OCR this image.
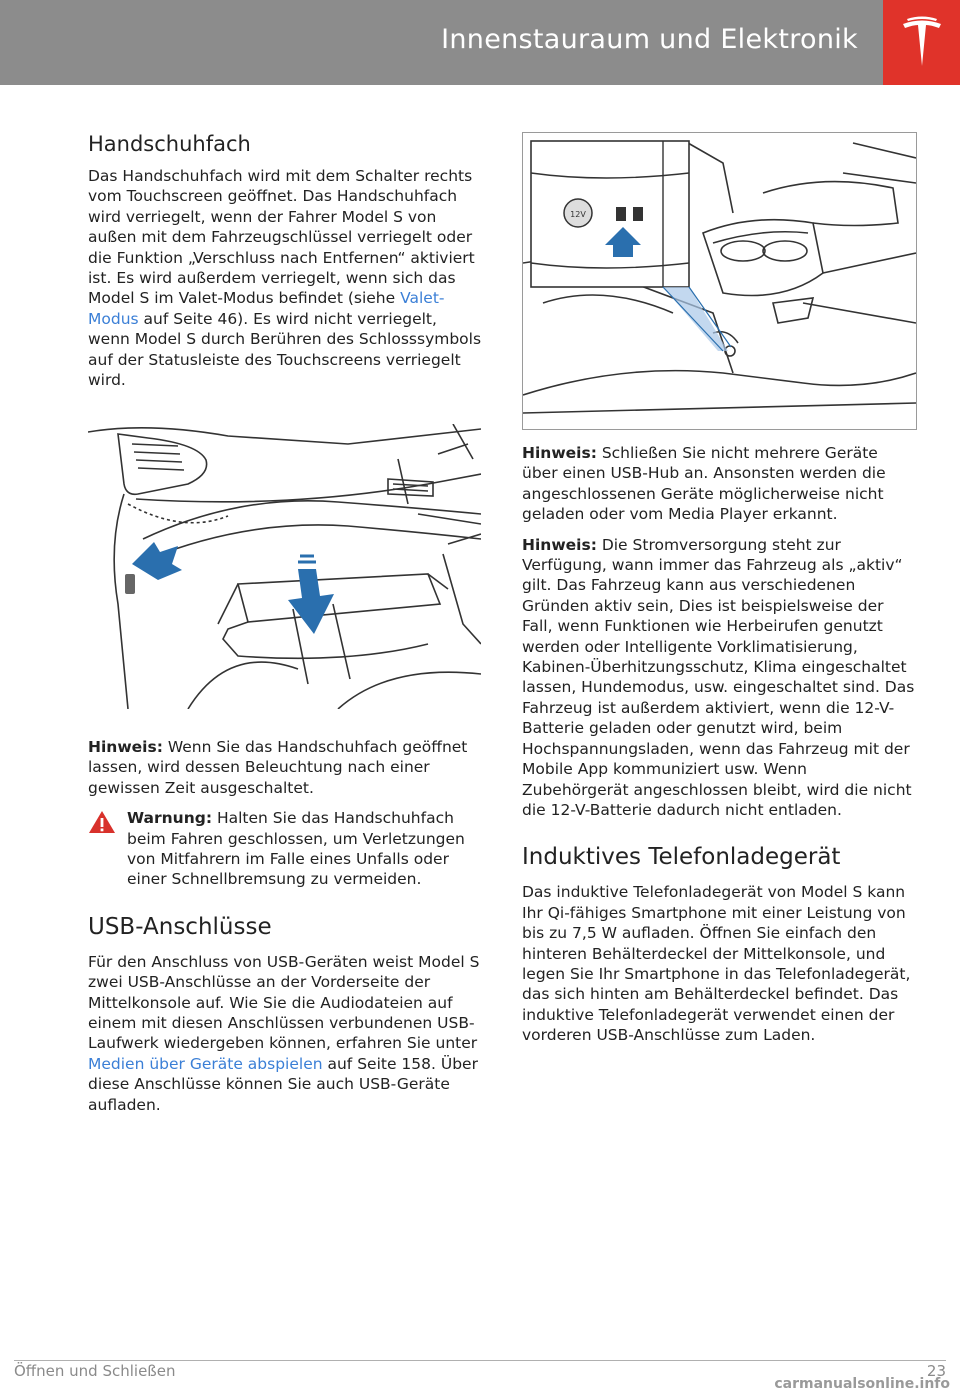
Innenstauraum und Elektronik
Handschuhfach

Das Handschuhfach wird mit dem Schalter rechts vom Touchscreen geöffnet. Das Handschuhfach wird verriegelt, wenn der Fahrer Model S von außen mit dem Fahrzeugschlüssel verriegelt oder die Funktion „Verschluss nach Entfernen“ aktiviert ist. Es wird außerdem verriegelt, wenn sich das Model S im Valet-Modus befindet (siehe Valet-Modus auf Seite 46). Es wird nicht verriegelt, wenn Model S durch Berühren des Schlosssymbols auf der Statusleiste des Touchscreens verriegelt wird.

Hinweis: Wenn Sie das Handschuhfach geöffnet lassen, wird dessen Beleuchtung nach einer gewissen Zeit ausgeschaltet.

Warnung: Halten Sie das Handschuhfach beim Fahren geschlossen, um Verletzungen von Mitfahrern im Falle eines Unfalls oder einer Schnellbremsung zu vermeiden.
USB-Anschlüsse

Für den Anschluss von USB-Geräten weist Model S zwei USB-Anschlüsse an der Vorderseite der Mittelkonsole auf. Wie Sie die Audiodateien auf einem mit diesen Anschlüssen verbundenen USB-Laufwerk wiedergeben können, erfahren Sie unter Medien über Geräte abspielen auf Seite 158. Über diese Anschlüsse können Sie auch USB-Geräte aufladen.

12V

Hinweis: Schließen Sie nicht mehrere Geräte über einen USB-Hub an. Ansonsten werden die angeschlossenen Geräte möglicherweise nicht geladen oder vom Media Player erkannt.

Hinweis: Die Stromversorgung steht zur Verfügung, wann immer das Fahrzeug als „aktiv“ gilt. Das Fahrzeug kann aus verschiedenen Gründen aktiv sein, Dies ist beispielsweise der Fall, wenn Funktionen wie Herbeirufen genutzt werden oder Intelligente Vorklimatisierung, Kabinen-Überhitzungsschutz, Klima eingeschaltet lassen, Hundemodus, usw. eingeschaltet sind. Das Fahrzeug ist außerdem aktiviert, wenn die 12-V-Batterie geladen oder genutzt wird, beim Hochspannungsladen, wenn das Fahrzeug mit der Mobile App kommuniziert usw. Wenn Zubehörgerät angeschlossen bleibt, wird die nicht die 12-V-Batterie dadurch nicht entladen.

Induktives Telefonladegerät

Das induktive Telefonladegerät von Model S kann Ihr Qi-fähiges Smartphone mit einer Leistung von bis zu 7,5 W aufladen. Öffnen Sie einfach den hinteren Behälterdeckel der Mittelkonsole, und legen Sie Ihr Smartphone in das Telefonladegerät, das sich hinten am Behälterdeckel befindet. Das induktive Telefonladegerät verwendet einen der vorderen USB-Anschlüsse zum Laden.

Öffnen und Schließen	23
carmanualsonline.info
